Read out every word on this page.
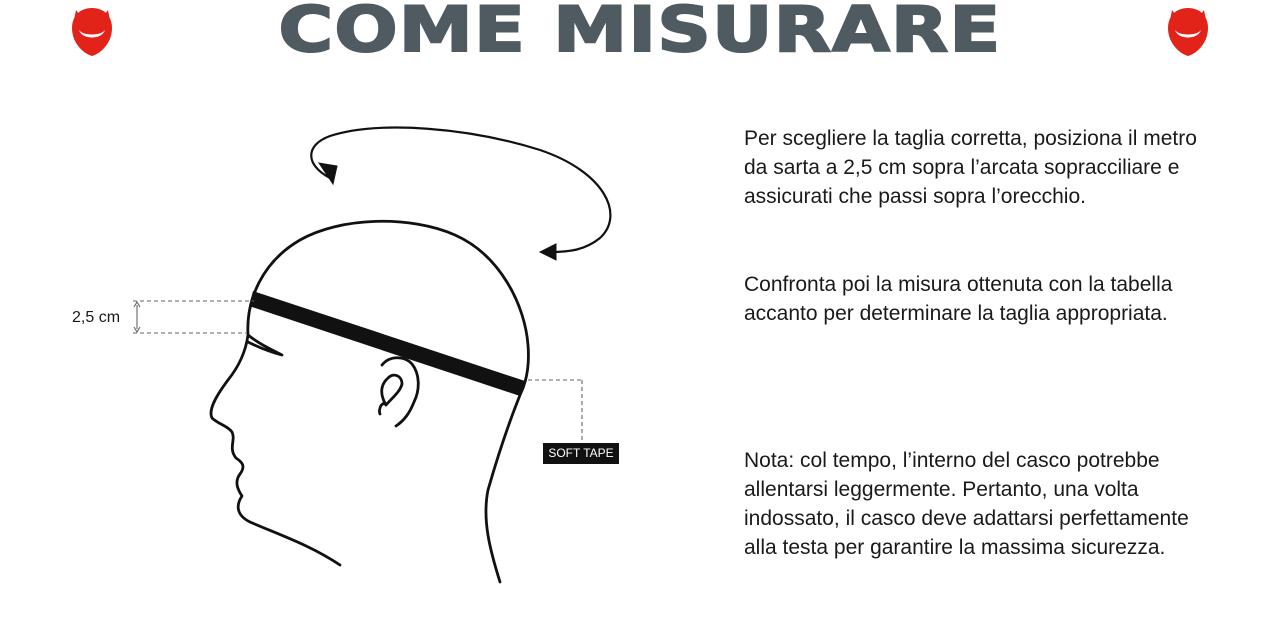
COME MISURARE
2,5 cm
SOFT TAPE

Per scegliere la taglia corretta, posiziona il metro da sarta a 2,5 cm sopra l’arcata sopracciliare e assicurati che passi sopra l’orecchio.

Confronta poi la misura ottenuta con la tabella accanto per determinare la taglia appropriata.

Nota: col tempo, l’interno del casco potrebbe allentarsi leggermente. Pertanto, una volta indossato, il casco deve adattarsi perfettamente alla testa per garantire la massima sicurezza.
